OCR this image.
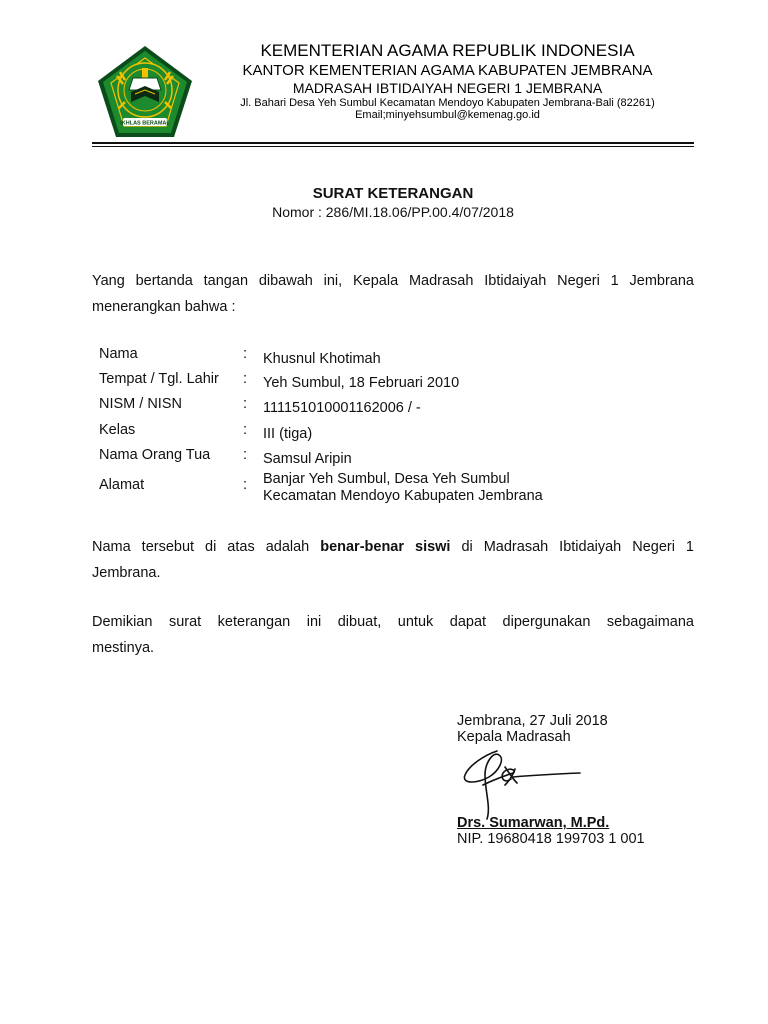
IKHLAS BERAMAL
KEMENTERIAN AGAMA REPUBLIK INDONESIA
KANTOR KEMENTERIAN AGAMA KABUPATEN JEMBRANA
MADRASAH IBTIDAIYAH NEGERI 1 JEMBRANA
Jl. Bahari Desa Yeh Sumbul Kecamatan Mendoyo Kabupaten Jembrana-Bali (82261)
Email;minyehsumbul@kemenag.go.id
SURAT KETERANGAN
Nomor : 286/MI.18.06/PP.00.4/07/2018
Yang bertanda tangan dibawah ini, Kepala Madrasah Ibtidaiyah Negeri 1 Jembrana
menerangkan bahwa :
Nama	: Khusnul Khotimah
Tempat / Tgl. Lahir : Yeh Sumbul, 18 Februari 2010
NISM / NISN	: 111151010001162006 / -
Kelas	: III (tiga)
Nama Orang Tua : Samsul Aripin
Alamat	: Banjar Yeh Sumbul, Desa Yeh Sumbul
Kecamatan Mendoyo Kabupaten Jembrana
Nama tersebut di atas adalah benar-benar siswi di Madrasah Ibtidaiyah Negeri 1
Jembrana.
Demikian surat keterangan ini dibuat, untuk dapat dipergunakan sebagaimana
mestinya.
Jembrana, 27 Juli 2018
Kepala Madrasah
Drs. Sumarwan, M.Pd.
NIP. 19680418 199703 1 001
